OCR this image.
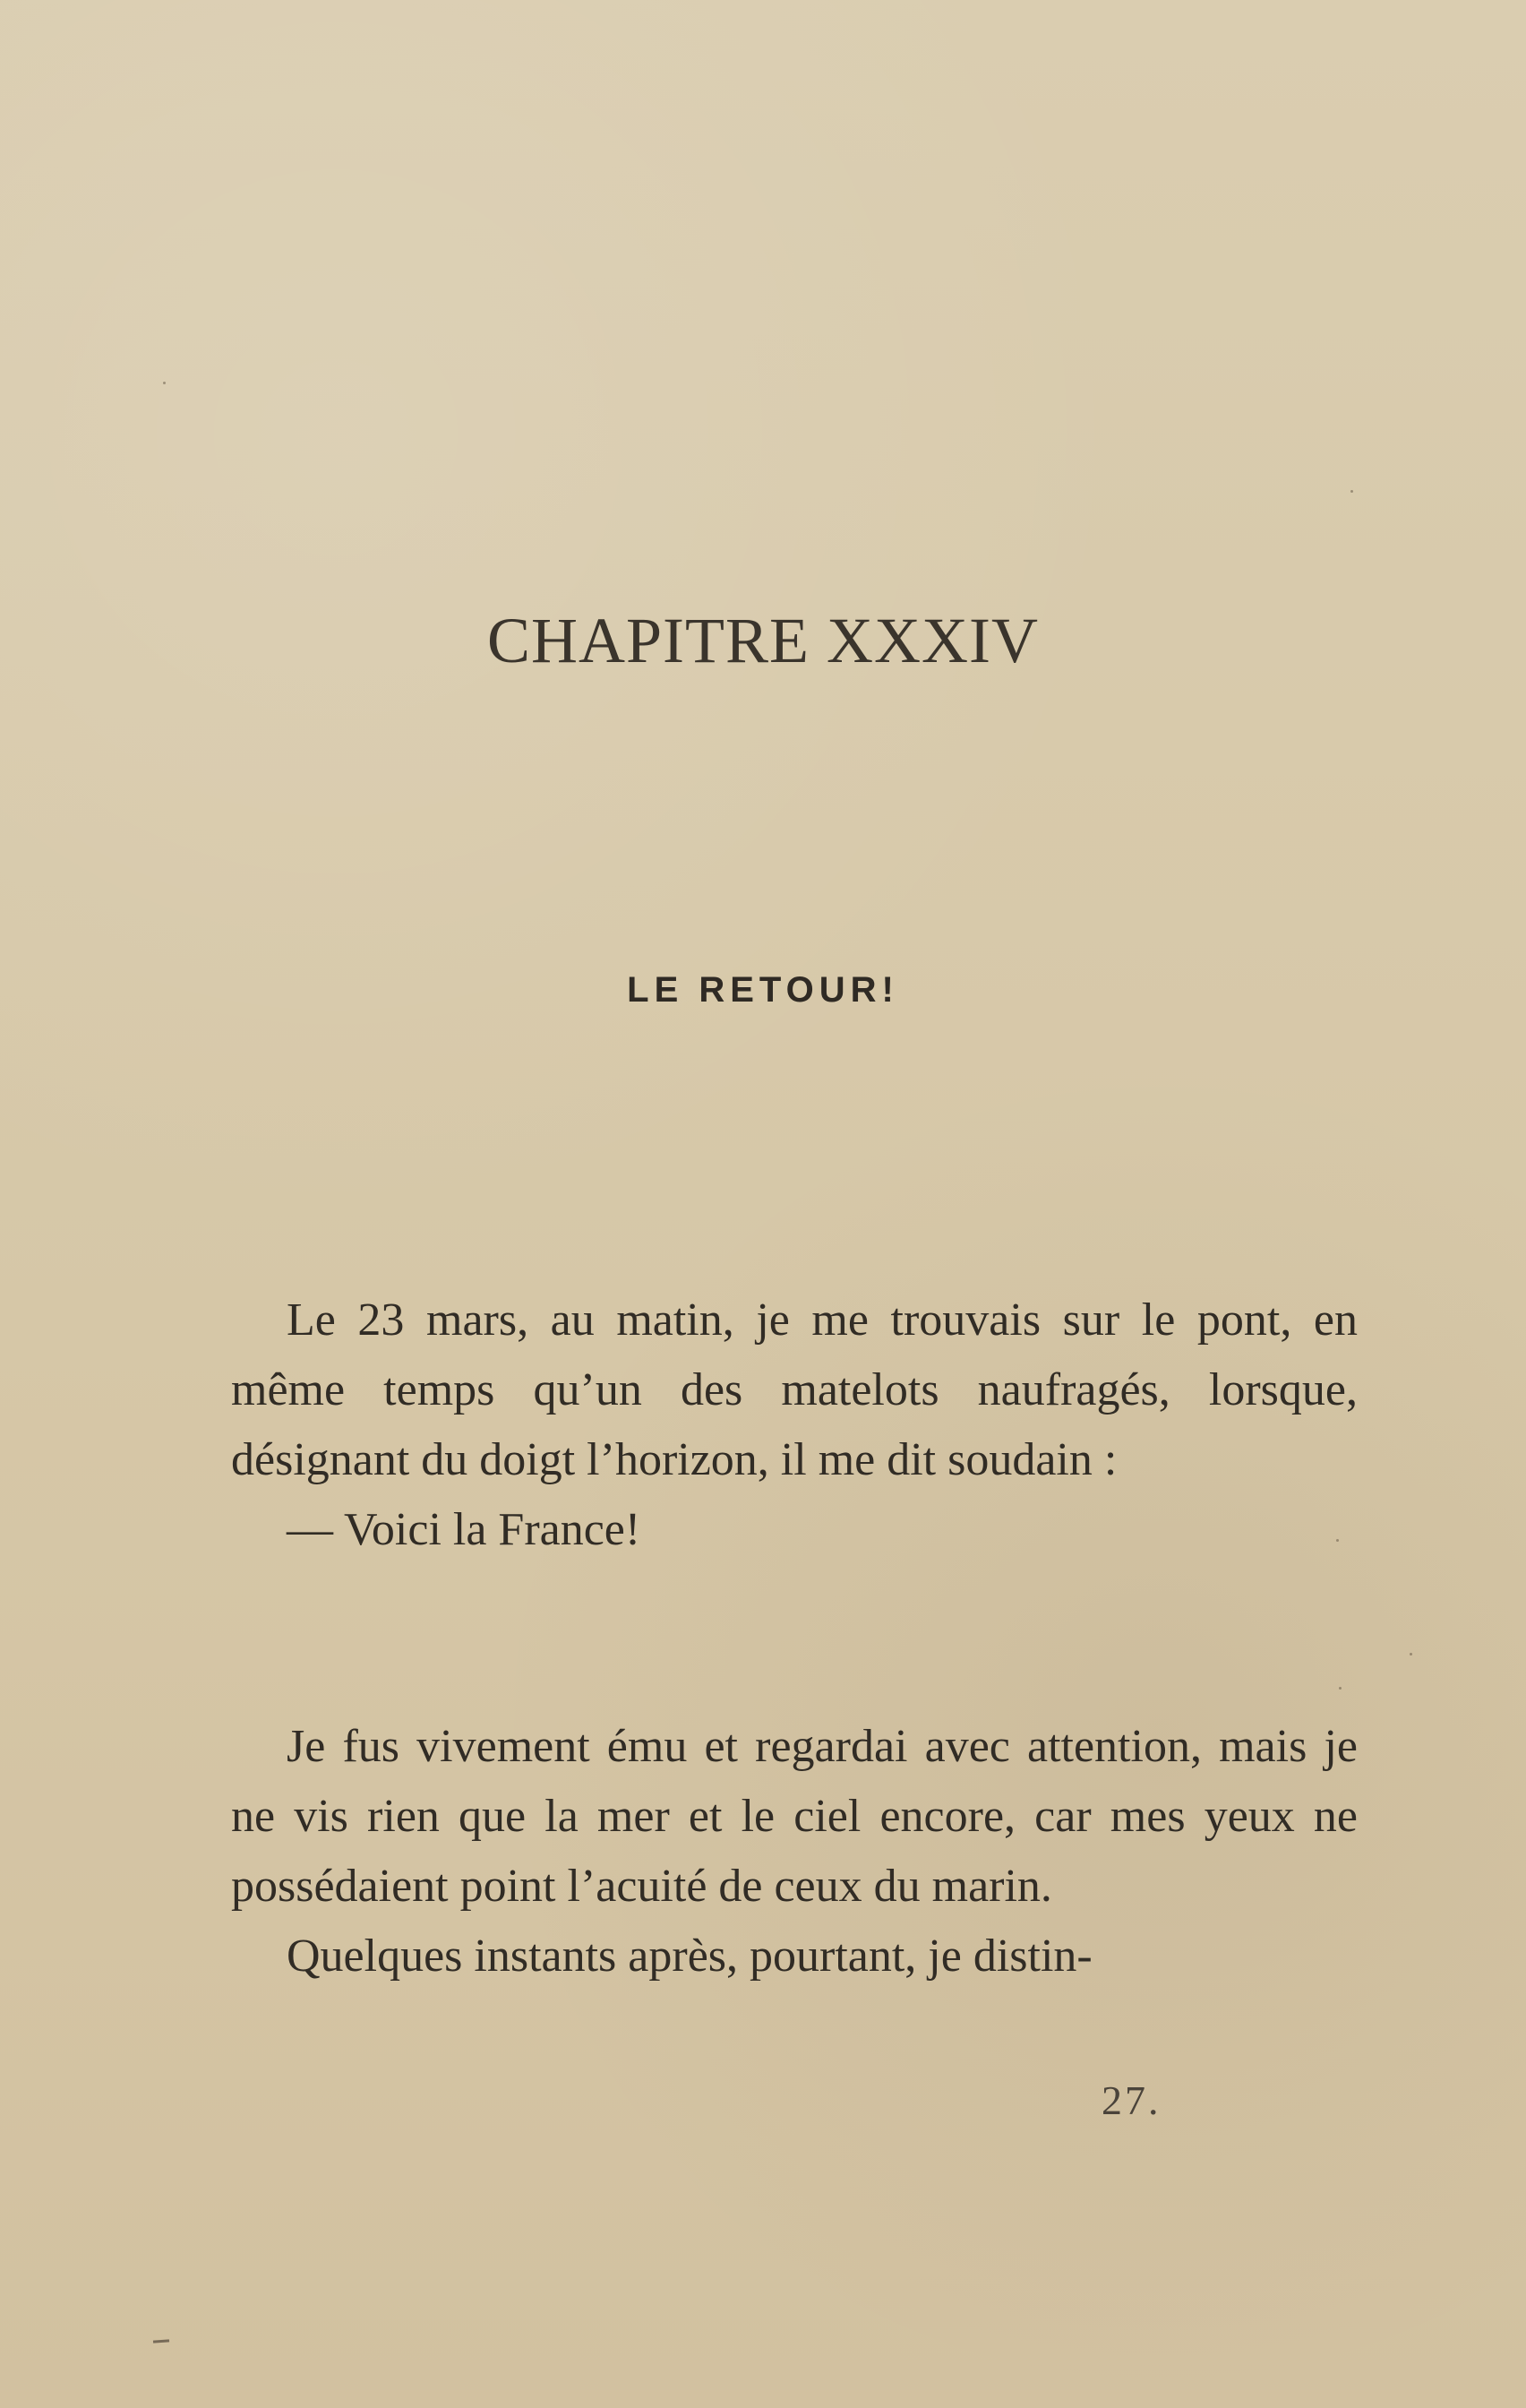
CHAPITRE XXXIV
LE RETOUR!

Le 23 mars, au matin, je me trouvais sur le pont, en même temps qu’un des matelots naufragés, lorsque, désignant du doigt l’horizon, il me dit soudain :

— Voici la France!

Je fus vivement ému et regardai avec attention, mais je ne vis rien que la mer et le ciel encore, car mes yeux ne possédaient point l’acuité de ceux du marin.

Quelques instants après, pourtant, je distin-

27.
